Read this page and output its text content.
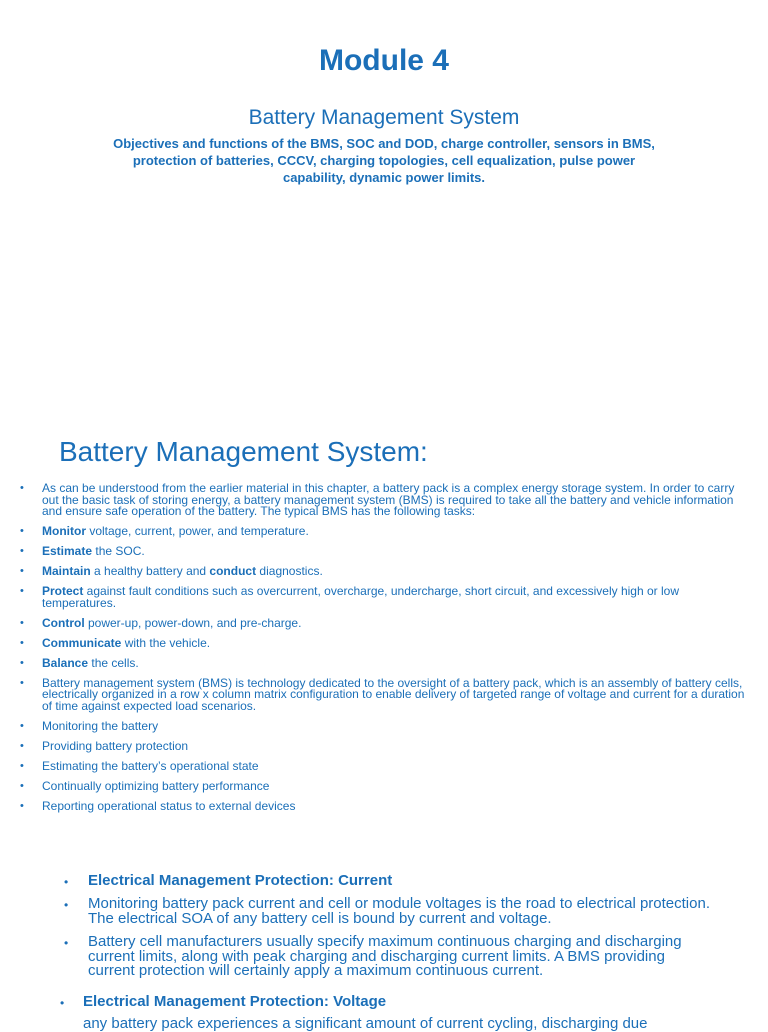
Module 4
Battery Management System
Objectives and functions of the BMS, SOC and DOD, charge controller, sensors in BMS, protection of batteries, CCCV, charging topologies, cell equalization, pulse power capability, dynamic power limits.
Battery Management System:
• As can be understood from the earlier material in this chapter, a battery pack is a complex energy storage system. In order to carry out the basic task of storing energy, a battery management system (BMS) is required to take all the battery and vehicle information and ensure safe operation of the battery. The typical BMS has the following tasks:
• Monitor voltage, current, power, and temperature.
• Estimate the SOC.
• Maintain a healthy battery and conduct diagnostics.
• Protect against fault conditions such as overcurrent, overcharge, undercharge, short circuit, and excessively high or low temperatures.
• Control power-up, power-down, and pre-charge.
• Communicate with the vehicle.
• Balance the cells.
• Battery management system (BMS) is technology dedicated to the oversight of a battery pack, which is an assembly of battery cells, electrically organized in a row x column matrix configuration to enable delivery of targeted range of voltage and current for a duration of time against expected load scenarios.
• Monitoring the battery
• Providing battery protection
• Estimating the battery’s operational state
• Continually optimizing battery performance
• Reporting operational status to external devices
• Electrical Management Protection: Current
• Monitoring battery pack current and cell or module voltages is the road to electrical protection. The electrical SOA of any battery cell is bound by current and voltage.
• Battery cell manufacturers usually specify maximum continuous charging and discharging current limits, along with peak charging and discharging current limits. A BMS providing current protection will certainly apply a maximum continuous current.
• Electrical Management Protection: Voltage
any battery pack experiences a significant amount of current cycling, discharging due
